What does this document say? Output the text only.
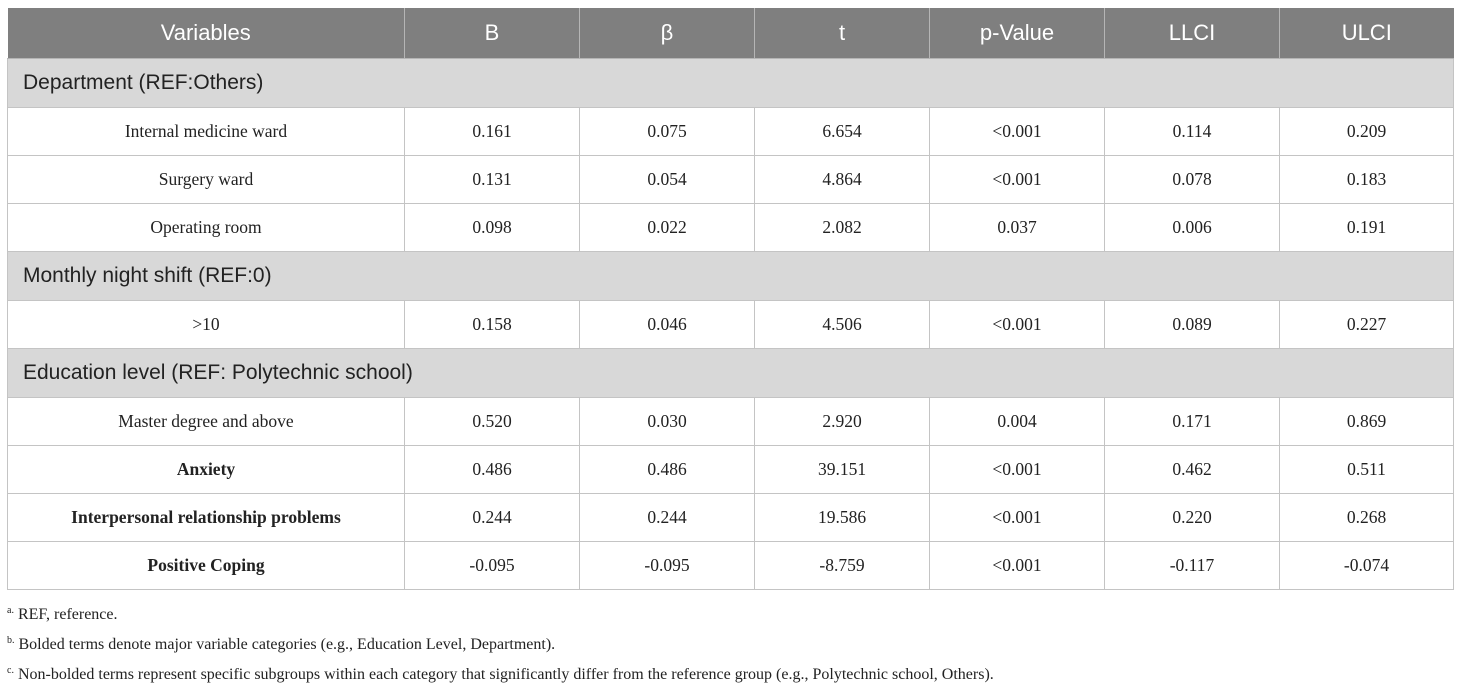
Variables	B	β	t	p-Value	LLCI	ULCI
Department (REF:Others)						
Internal medicine ward	0.161	0.075	6.654	<0.001	0.114	0.209
Surgery ward	0.131	0.054	4.864	<0.001	0.078	0.183
Operating room	0.098	0.022	2.082	0.037	0.006	0.191
Monthly night shift (REF:0)						
>10	0.158	0.046	4.506	<0.001	0.089	0.227
Education level (REF: Polytechnic school)						
Master degree and above	0.520	0.030	2.920	0.004	0.171	0.869
Anxiety	0.486	0.486	39.151	<0.001	0.462	0.511
Interpersonal relationship problems	0.244	0.244	19.586	<0.001	0.220	0.268
Positive Coping	-0.095	-0.095	-8.759	<0.001	-0.117	-0.074
$^{a.}$ REF, reference.
$^{b.}$ Bolded terms denote major variable categories (e.g., Education Level, Department).
$^{c.}$ Non-bolded terms represent specific subgroups within each category that significantly differ from the reference group (e.g., Polytechnic school, Others).
